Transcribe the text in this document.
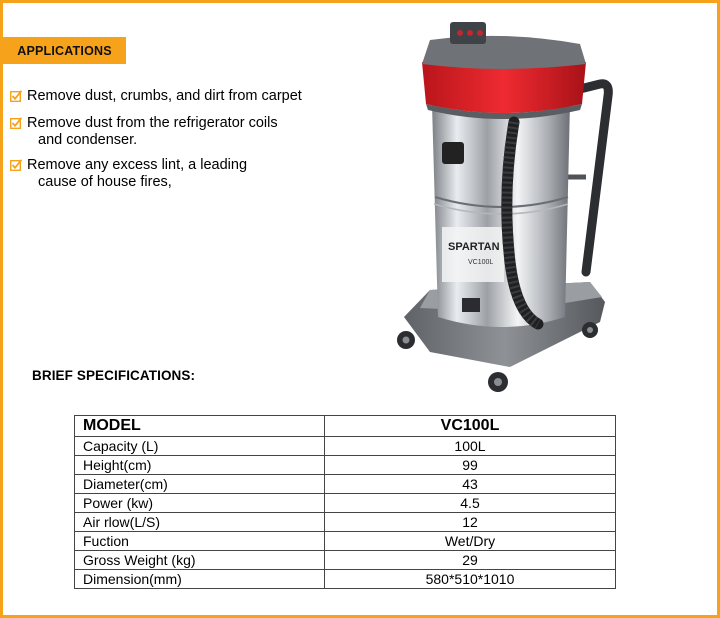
APPLICATIONS
Remove dust, crumbs, and dirt from carpet
Remove dust from the refrigerator coils
and condenser.
Remove any excess lint, a leading
cause of house fires,
SPARTAN
VC100L
BRIEF SPECIFICATIONS:
MODEL	VC100L
Capacity (L)	100L
Height(cm)	99
Diameter(cm)	43
Power (kw)	4.5
Air rlow(L/S)	12
Fuction	Wet/Dry
Gross Weight (kg)	29
Dimension(mm)	580*510*1010
